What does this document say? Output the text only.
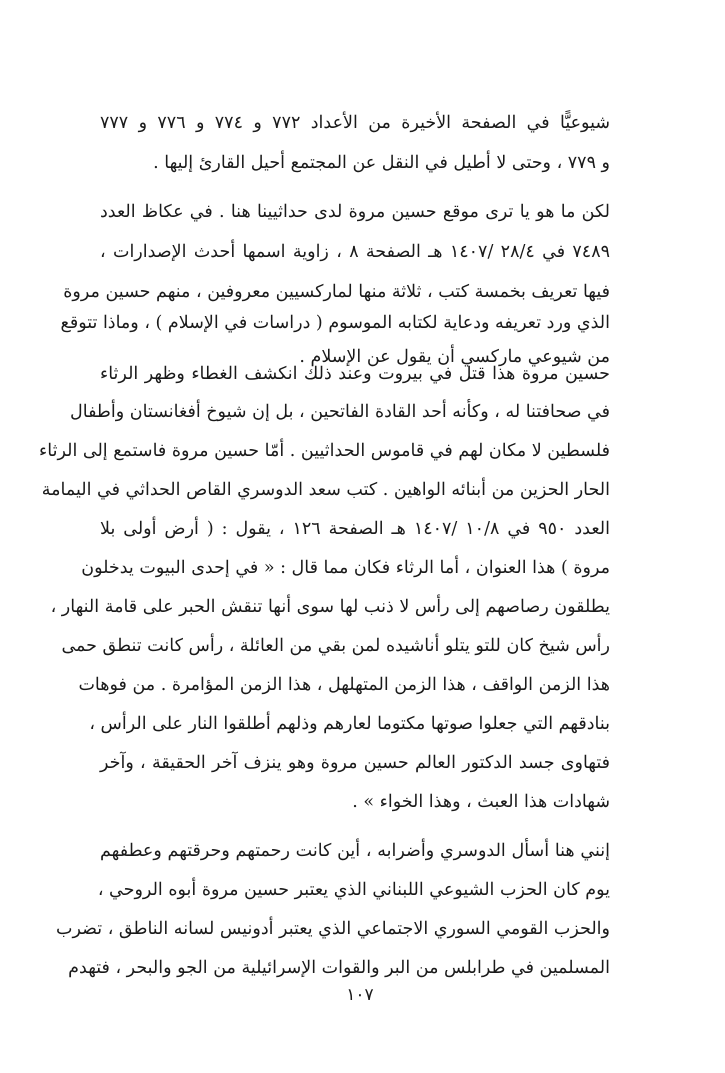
شيوعيًّا في الصفحة الأخيرة من الأعداد ٧٧٢ و ٧٧٤ و ٧٧٦ و ٧٧٧
و ٧٧٩ ، وحتى لا أطيل في النقل عن المجتمع أحيل القارئ إليها .
لكن ما هو يا ترى موقع حسين مروة لدى حداثيينا هنا . في عكاظ العدد
٧٤٨٩ في ٢٨/٤ /١٤٠٧ هـ الصفحة ٨ ، زاوية اسمها أحدث الإصدارات ،
فيها تعريف بخمسة كتب ، ثلاثة منها لماركسيين معروفين ، منهم حسين مروة
الذي ورد تعريفه ودعاية لكتابه الموسوم ( دراسات في الإسلام ) ، وماذا تتوقع
من شيوعي ماركسي أن يقول عن الإسلام .
حسين مروة هذا قتل في بيروت وعند ذلك انكشف الغطاء وظهر الرثاء
في صحافتنا له ، وكأنه أحد القادة الفاتحين ، بل إن شيوخ أفغانستان وأطفال
فلسطين لا مكان لهم في قاموس الحداثيين . أمّا حسين مروة فاستمع إلى الرثاء
الحار الحزين من أبنائه الواهين . كتب سعد الدوسري القاص الحداثي في اليمامة
العدد ٩٥٠ في ١٠/٨ /١٤٠٧ هـ الصفحة ١٢٦ ، يقول : ( أرض أولى بلا
مروة ) هذا العنوان ، أما الرثاء فكان مما قال : « في إحدى البيوت يدخلون
يطلقون رصاصهم إلى رأس لا ذنب لها سوى أنها تنقش الحبر على قامة النهار ،
رأس شيخ كان للتو يتلو أناشيده لمن بقي من العائلة ، رأس كانت تنطق حمى
هذا الزمن الواقف ، هذا الزمن المتهلهل ، هذا الزمن المؤامرة . من فوهات
بنادقهم التي جعلوا صوتها مكتوما لعارهم وذلهم أطلقوا النار على الرأس ،
فتهاوى جسد الدكتور العالم حسين مروة وهو ينزف آخر الحقيقة ، وآخر
شهادات هذا العبث ، وهذا الخواء » .
إنني هنا أسأل الدوسري وأضرابه ، أين كانت رحمتهم وحرقتهم وعطفهم
يوم كان الحزب الشيوعي اللبناني الذي يعتبر حسين مروة أبوه الروحي ،
والحزب القومي السوري الاجتماعي الذي يعتبر أدونيس لسانه الناطق ، تضرب
المسلمين في طرابلس من البر والقوات الإسرائيلية من الجو والبحر ، فتهدم
١٠٧
